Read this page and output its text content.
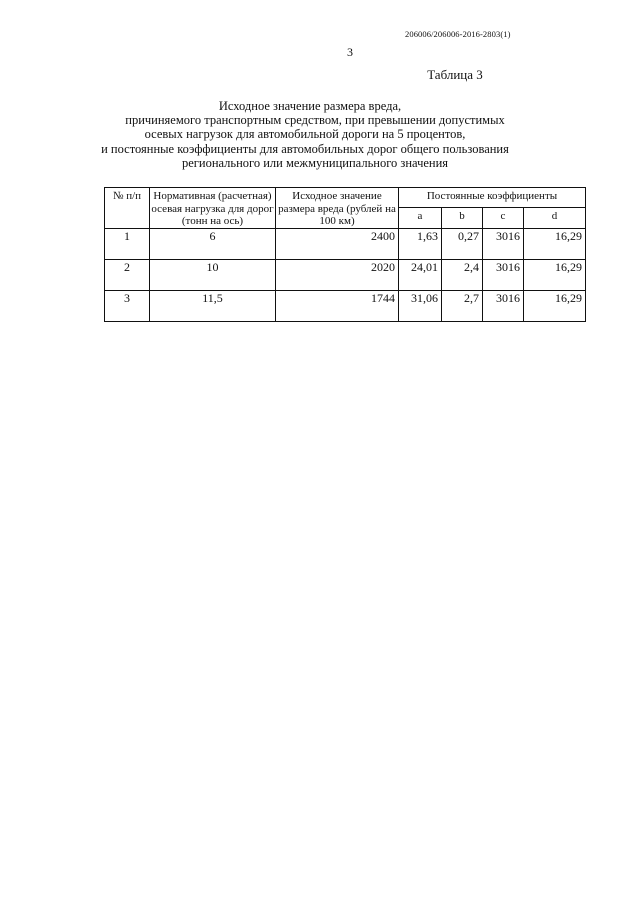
206006/206006-2016-2803(1)
3
Таблица 3
Исходное значение размера вреда,
причиняемого транспортным средством, при превышении допустимых
осевых нагрузок для автомобильной дороги на 5 процентов,
и постоянные коэффициенты для автомобильных дорог общего пользования
регионального или межмуниципального значения
№ п/п	Нормативная (расчетная) осевая нагрузка для дорог (тонн на ось)	Исходное значение размера вреда (рублей на 100 км)	Постоянные коэффициенты			

			a	b	c	d

1	6	2400	1,63	0,27	3016	16,29
2	10	2020	24,01	2,4	3016	16,29
3	11,5	1744	31,06	2,7	3016	16,29
